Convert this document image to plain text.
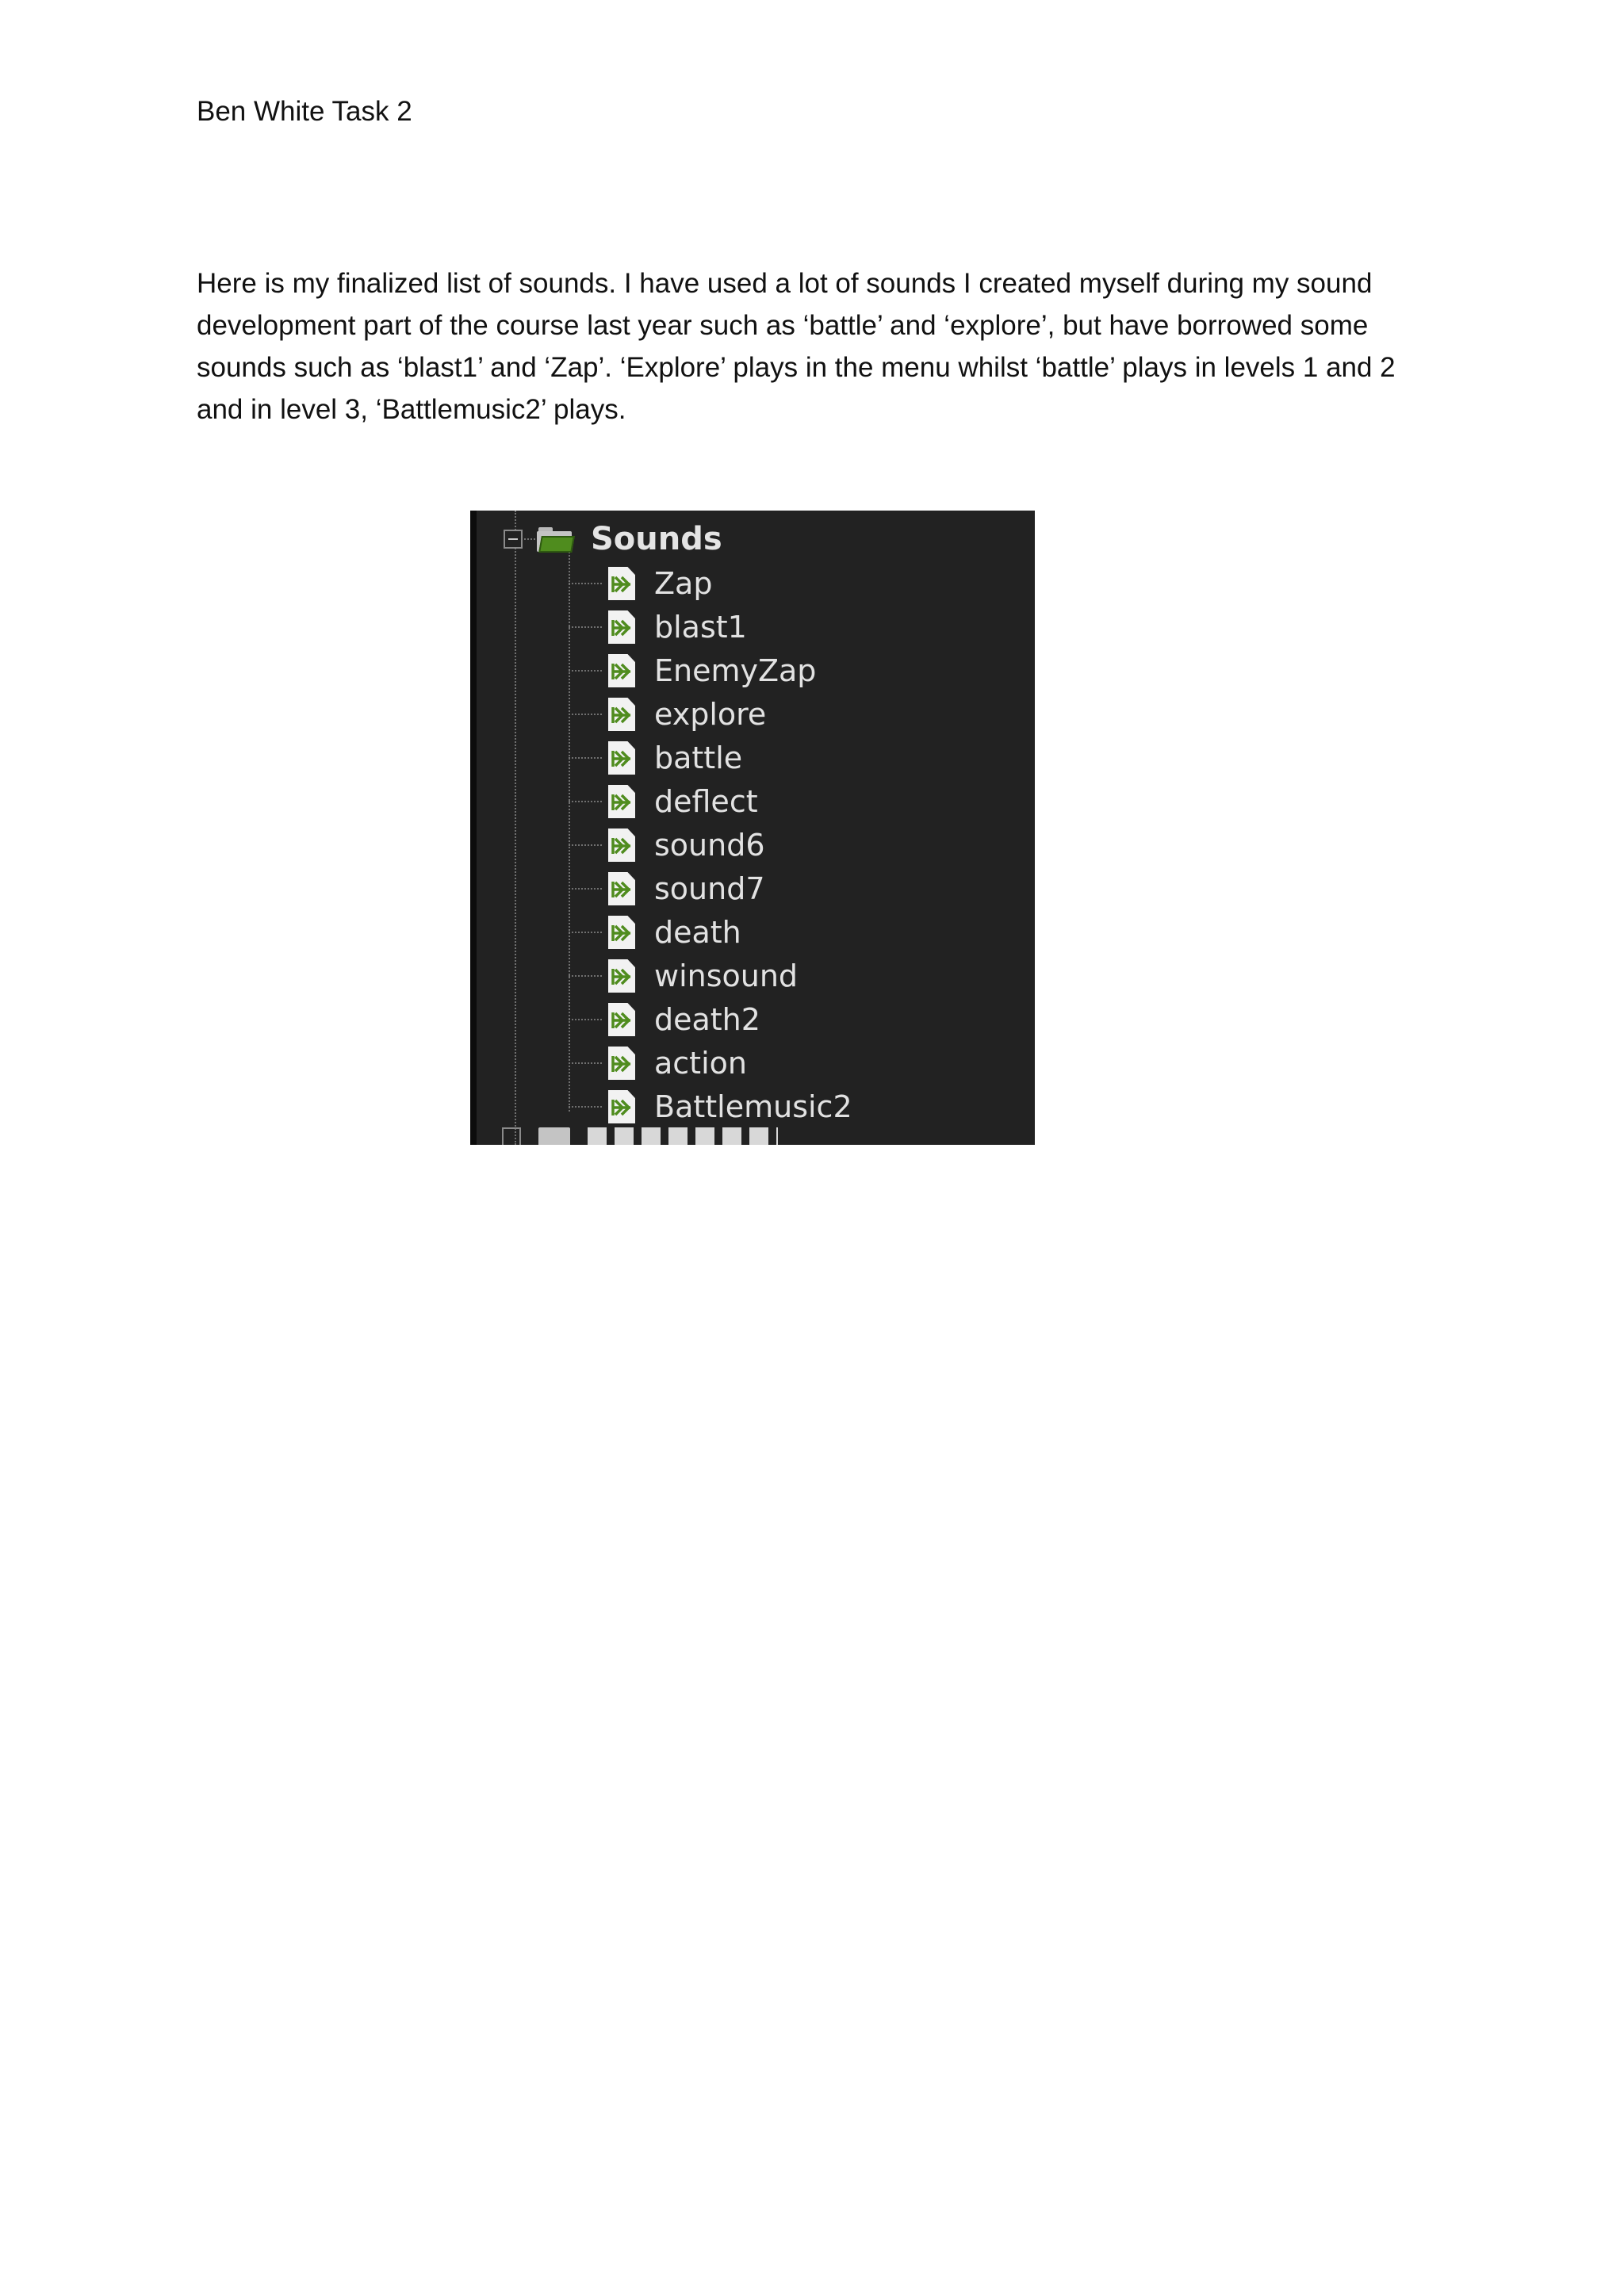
Ben White Task 2

Here is my finalized list of sounds. I have used a lot of sounds I created myself during my sound development part of the course last year such as ‘battle’ and ‘explore’, but have borrowed some sounds such as ‘blast1’ and ‘Zap’. ‘Explore’ plays in the menu whilst ‘battle’ plays in levels 1 and 2 and in level 3, ‘Battlemusic2’ plays.

Sounds
Zap
blast1
EnemyZap
explore
battle
deflect
sound6
sound7
death
winsound
death2
action
Battlemusic2
